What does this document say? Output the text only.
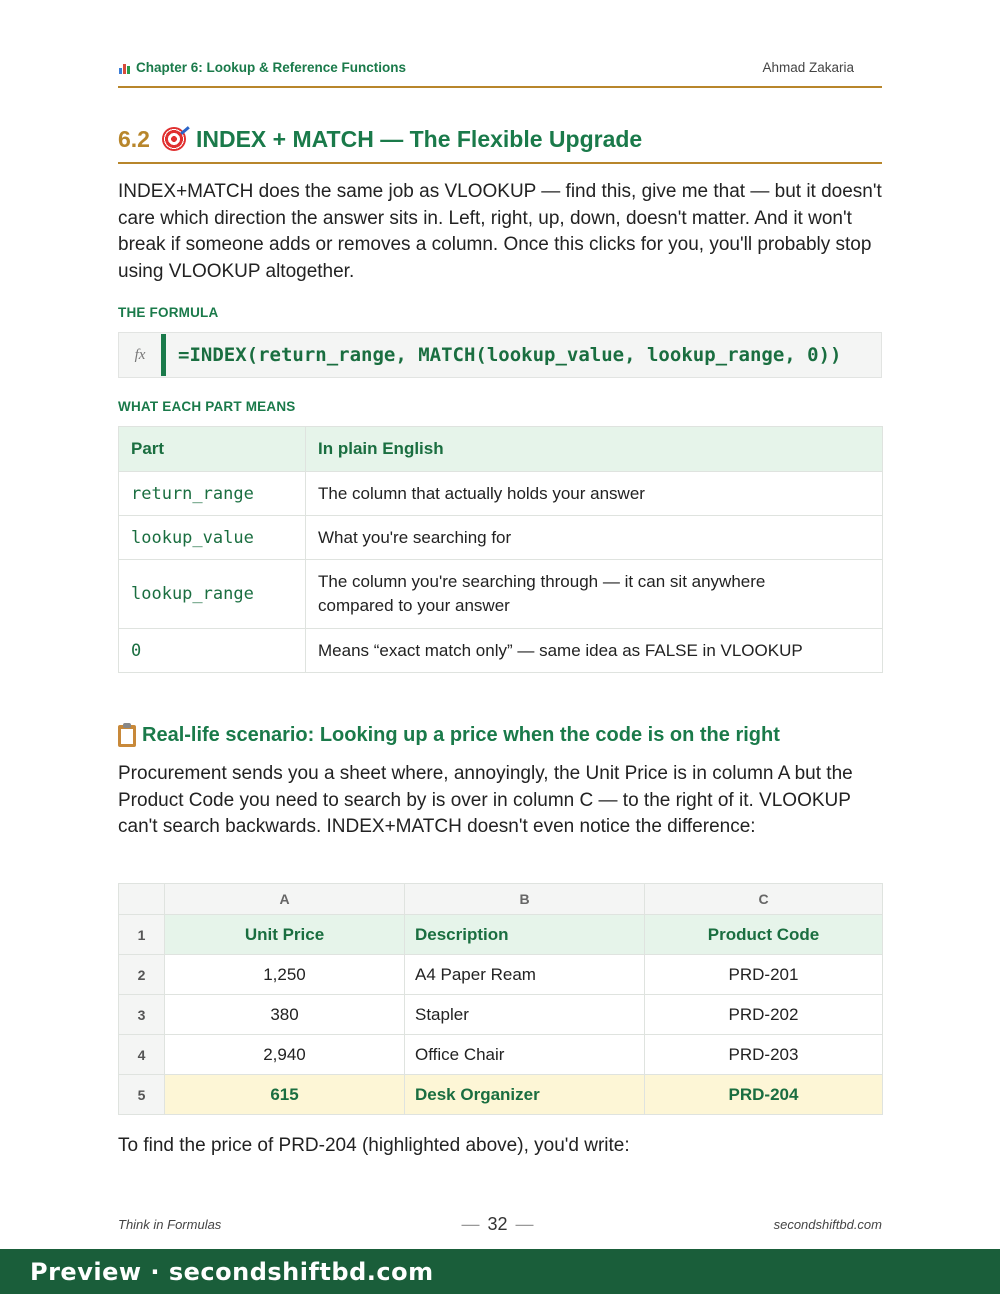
Chapter 6: Lookup & Reference Functions	Ahmad Zakaria
6.2 INDEX + MATCH — The Flexible Upgrade
INDEX+MATCH does the same job as VLOOKUP — find this, give me that — but it doesn't care which direction the answer sits in. Left, right, up, down, doesn't matter. And it won't break if someone adds or removes a column. Once this clicks for you, you'll probably stop using VLOOKUP altogether.
THE FORMULA
fx	=INDEX(return_range, MATCH(lookup_value, lookup_range, 0))
WHAT EACH PART MEANS
Part	In plain English
return_range	The column that actually holds your answer
lookup_value	What you're searching for
lookup_range	The column you're searching through — it can sit anywhere compared to your answer
0	Means “exact match only” — same idea as FALSE in VLOOKUP
Real-life scenario: Looking up a price when the code is on the right
Procurement sends you a sheet where, annoyingly, the Unit Price is in column A but the Product Code you need to search by is over in column C — to the right of it. VLOOKUP can't search backwards. INDEX+MATCH doesn't even notice the difference:
	A	B	C
1	Unit Price	Description	Product Code
2	1,250	A4 Paper Ream	PRD-201
3	380	Stapler	PRD-202
4	2,940	Office Chair	PRD-203
5	615	Desk Organizer	PRD-204
To find the price of PRD-204 (highlighted above), you'd write:
Think in Formulas	— 32 —	secondshiftbd.com
Preview · secondshiftbd.com
